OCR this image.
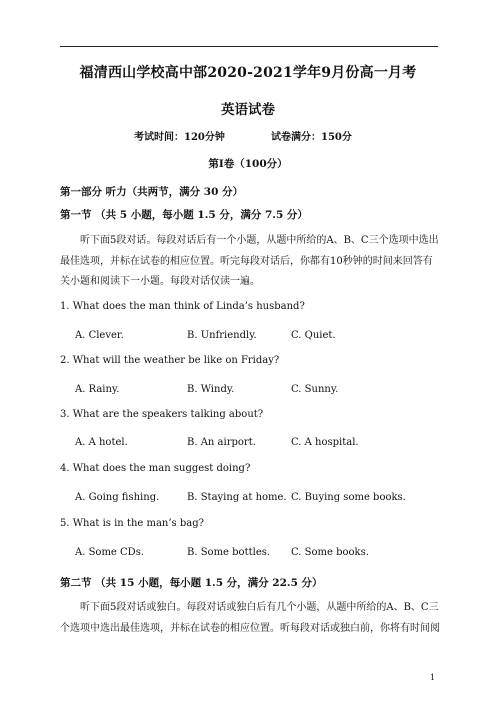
福清西山学校高中部2020-2021学年9月份高一月考
英语试卷
考试时间：120分钟	试卷满分：150分
第I卷（100分）
第一部分 听力（共两节，满分 30 分）
第一节 （共 5 小题，每小题 1.5 分，满分 7.5 分）
听下面5段对话。每段对话后有一个小题，从题中所给的A、B、C三个选项中选出最佳选项，并标在试卷的相应位置。听完每段对话后，你都有10秒钟的时间来回答有关小题和阅读下一小题。每段对话仅读一遍。
1. What does the man think of Linda’s husband?
A. Clever.	B. Unfriendly.	C. Quiet.
2. What will the weather be like on Friday?
A. Rainy.	B. Windy.	C. Sunny.
3. What are the speakers talking about?
A. A hotel.	B. An airport.	C. A hospital.
4. What does the man suggest doing?
A. Going fishing.	B. Staying at home. C. Buying some books.
5. What is in the man’s bag?
A. Some CDs.	B. Some bottles. C. Some books.
第二节 （共 15 小题，每小题 1.5 分，满分 22.5 分）
听下面5段对话或独白。每段对话或独白后有几个小题，从题中所给的A、B、C三个选项中选出最佳选项，并标在试卷的相应位置。听每段对话或独白前，你将有时间阅
1
